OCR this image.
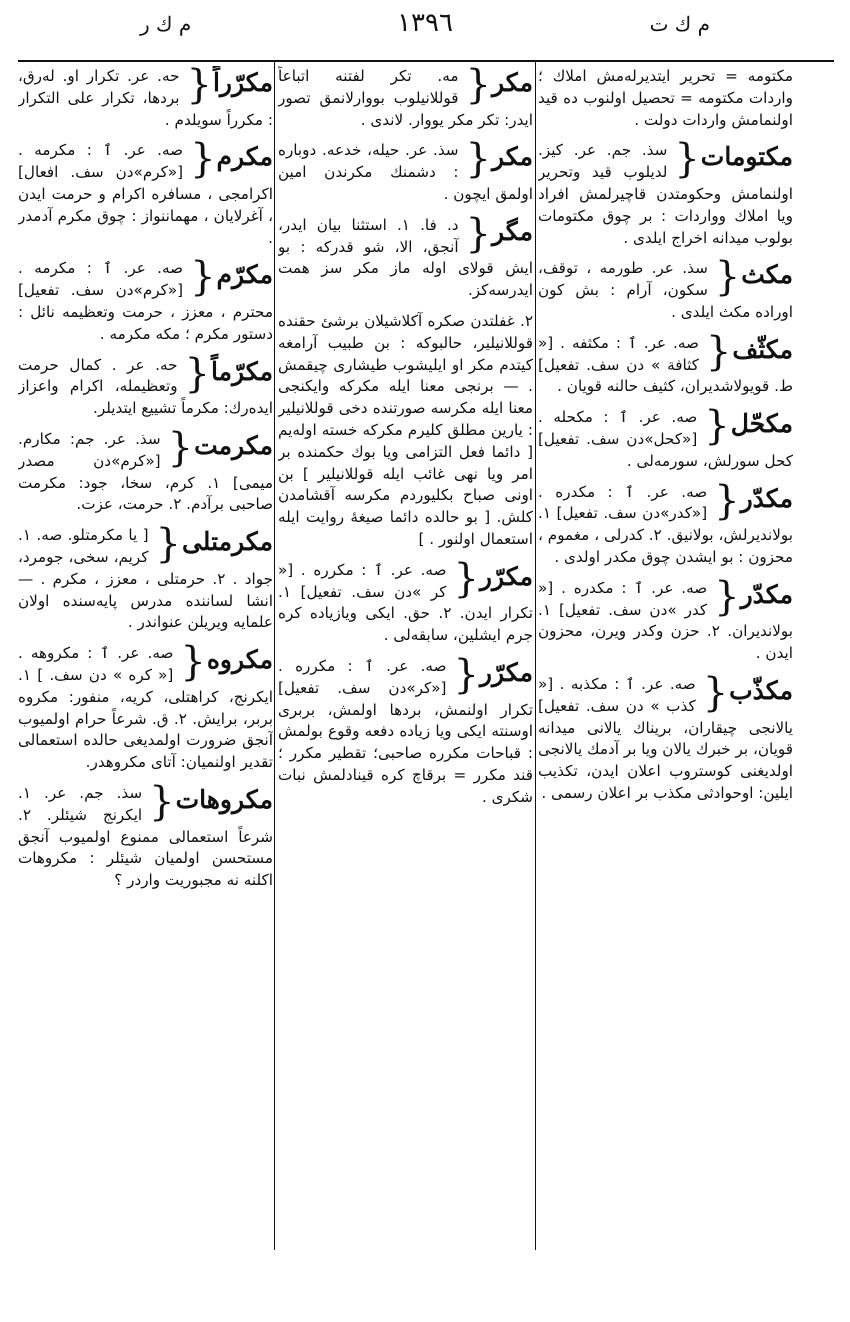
م ك ت
١٣٩٦
م ك ر

مكتومه = تحرير ايتديرلەمش املاك ؛ واردات مكتومه = تحصيل اولنوب ده قيد اولنمامش واردات دولت .

مكتومات
{

سذ. جم. عر. كيز. لدیلوب قيد وتحرير اولنمامش وحكومتدن قاچيرلمش افراد ويا املاك وواردات : بر چوق مكتومات بولوب ميدانه اخراج ايلدى .

مكث
{

سذ. عر. طورمه ، توقف، سكون، آرام : بش كون اوراده مكث ايلدى .

مكثّف
{

صه. عر. ٱ : مكثفه . [« كثافة » دن سف. تفعيل] ط. قويولاشديران، كثيف حالنه قويان .

مكحّل
{

صه. عر. ٱ : مكحله . [«كحل»دن سف. تفعيل] كحل سورلش، سورمه‌لى .

مكدّر
{

صه. عر. ٱ : مكدره . [«كدر»دن سف. تفعيل] ١. بولانديرلش، بولانيق. ٢. كدرلى ، مغموم ، محزون : بو ايشدن چوق مكدر اولدى .

مكدّر
{

صه. عر. ٱ : مكدره . [« كدر »دن سف. تفعيل] ١. بولانديران. ٢. حزن وكدر ويرن، محزون ايدن .

مكذّب
{

صه. عر. ٱ : مكذبه . [« كذب » دن سف. تفعيل] يالانجى چيقاران، بريناك يالانى ميدانه قويان، بر خبرك يالان ويا بر آدمك يالانجى اولديغنى كوستروب اعلان ايدن، تكذيب ايلين: اوحوادثى مكذب بر اعلان رسمى .

مكر
{

مه. تكر لفتنه اتباعاً قوللانيلوب بووارلانمق تصور ايدر: تكر مكر يووار. لاندى .

مكر
{

سذ. عر. حيله، خدعه. دوباره : دشمنك مكرندن امين اولمق ايچون .

مگر
{

د. فا. ١. استثنا بيان ايدر، آنجق، الا، شو قدركه : بو ايش قولاى اوله ماز مكر سز همت ايدرسه‌كز.

٢. غفلتدن صكره آكلاشيلان برشئ حقنده قوللانيلير، حالبوكه : بن طبيب آرامغه كيتدم مكر او ايليشوب طيشارى چيقمش . — برنجى معنا ايله مكركه وايكنجى معنا ايله مكرسه صورتنده دخى قوللانيلير : يارين مطلق كليرم مكركه خسته اولەيم [ دائما فعل التزامى ويا بوك حكمنده بر امر ويا نهى غائب ايله قوللانيلير ] بن اونى صباح بكليوردم مكرسه آقشامدن كلش. [ بو حالده دائما صيغهٔ روايت ايله استعمال اولنور . ]

مكرّر
{

صه. عر. ٱ : مكرره . [« كر »دن سف. تفعيل] ١. تكرار ايدن. ٢. حق. ايكى ويازياده كره جرم ايشلين، سابقه‌لى .

مكرّر
{

صه. عر. ٱ : مكرره . [«كر»دن سف. تفعيل] تكرار اولنمش، بردها اولمش، بربرى اوسنته ايكى ويا زياده دفعه وقوع بولمش : قباحات مكرره صاحبى؛ تقطير مكرر ؛ قند مكرر = برقاچ كره قينادلمش نبات شكرى .

مكرّراً
{

حه. عر. تكرار او. لەرق، بردها، تكرار على التكرار : مكرراً سويلدم .

مكرم
{

صه. عر. ٱ : مكرمه . [«كرم»دن سف. افعال] اكرامجى ، مسافره اكرام و حرمت ايدن ، آغرلايان ، مهماننواز : چوق مكرم آدمدر .

مكرّم
{

صه. عر. ٱ : مكرمه . [«كرم»دن سف. تفعيل] محترم ، معزز ، حرمت وتعظيمه نائل : دستور مكرم ؛ مكه مكرمه .

مكرّماً
{

حه. عر . كمال حرمت وتعظيمله، اكرام واعزاز ايدەرك: مكرماً تشييع ايتديلر.

مكرمت
{

سذ. عر. جم: مكارم. [«كرم»دن مصدر ميمى] ١. كرم، سخا، جود: مكرمت صاحبى برآدم. ٢. حرمت، عزت.

مكرمتلى
{

[ يا مكرمتلو. صه. ١. كريم، سخى، جومرد، جواد . ٢. حرمتلى ، معزز ، مكرم . — انشا لساننده مدرس پايه‌سنده اولان علمايه ويريلن عنواندر .

مكروه
{

صه. عر. ٱ : مكروهه . [« كره » دن سف. ] ١. ايكرنج، كراهتلى، كريه، منفور: مكروه بربر، برايش. ٢. ق. شرعاً حرام اولميوب آنجق ضرورت اولمديغى حالده استعمالى تقدير اولنميان: آتاى مكروهدر.

مكروهات
{

سذ. جم. عر. ١. ايكرنج شيئلر. ٢. شرعاً استعمالى ممنوع اولميوب آنجق مستحسن اولميان شيئلر : مكروهات اكلنه نه مجبوريت واردر ؟
